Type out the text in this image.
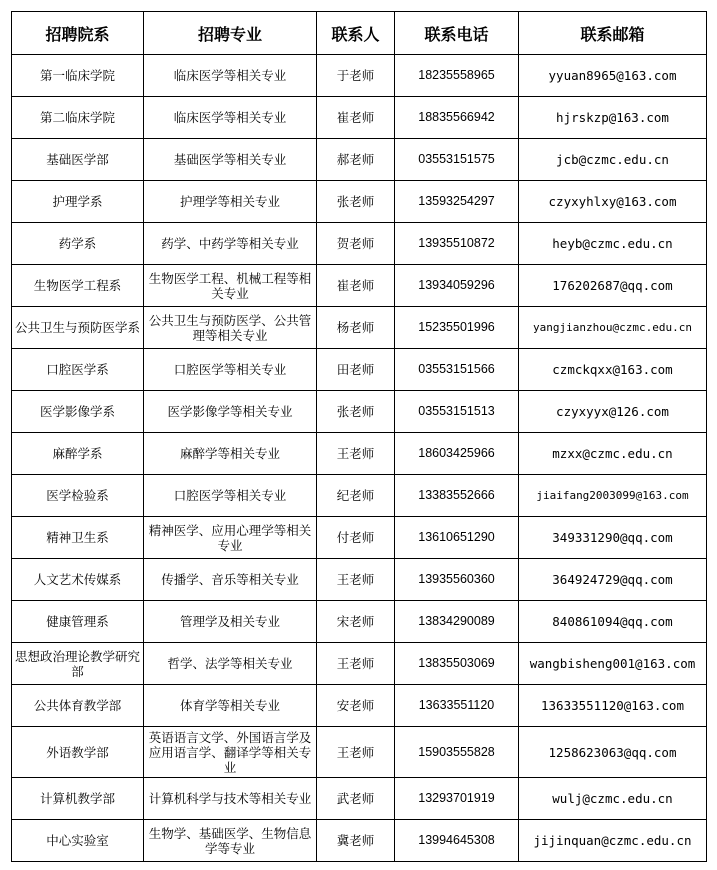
招聘院系	招聘专业	联系人	联系电话	联系邮箱
第一临床学院	临床医学等相关专业	于老师	18235558965	yyuan8965@163.com
第二临床学院	临床医学等相关专业	崔老师	18835566942	hjrskzp@163.com
基础医学部	基础医学等相关专业	郝老师	03553151575	jcb@czmc.edu.cn
护理学系	护理学等相关专业	张老师	13593254297	czyxyhlxy@163.com
药学系	药学、中药学等相关专业	贺老师	13935510872	heyb@czmc.edu.cn
生物医学工程系	生物医学工程、机械工程等相关专业	崔老师	13934059296	176202687@qq.com
公共卫生与预防医学系	公共卫生与预防医学、公共管理等相关专业	杨老师	15235501996	yangjianzhou@czmc.edu.cn
口腔医学系	口腔医学等相关专业	田老师	03553151566	czmckqxx@163.com
医学影像学系	医学影像学等相关专业	张老师	03553151513	czyxyyx@126.com
麻醉学系	麻醉学等相关专业	王老师	18603425966	mzxx@czmc.edu.cn
医学检验系	口腔医学等相关专业	纪老师	13383552666	jiaifang2003099@163.com
精神卫生系	精神医学、应用心理学等相关专业	付老师	13610651290	349331290@qq.com
人文艺术传媒系	传播学、音乐等相关专业	王老师	13935560360	364924729@qq.com
健康管理系	管理学及相关专业	宋老师	13834290089	840861094@qq.com
思想政治理论教学研究部	哲学、法学等相关专业	王老师	13835503069	wangbisheng001@163.com
公共体育教学部	体育学等相关专业	安老师	13633551120	13633551120@163.com
外语教学部	英语语言文学、外国语言学及应用语言学、翻译学等相关专业	王老师	15903555828	1258623063@qq.com
计算机教学部	计算机科学与技术等相关专业	武老师	13293701919	wulj@czmc.edu.cn
中心实验室	生物学、基础医学、生物信息学等专业	冀老师	13994645308	jijinquan@czmc.edu.cn
